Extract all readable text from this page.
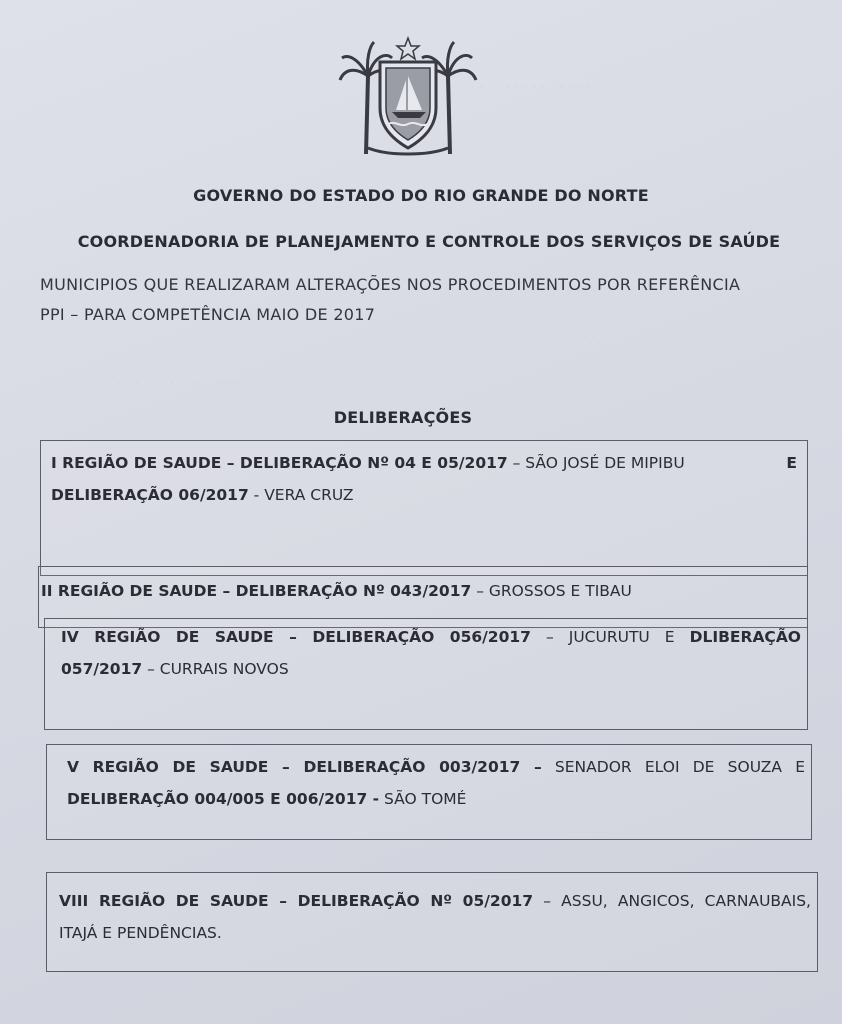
· · · · · · · · · · · · · · ·
· · · · · · · · · · · · · · · · · ·
· · · · · · · · · · · · · · · · · · · · · · · · · · · · · · ·
· · · · · · · · · · · · · · · · · · · · · · · · · · · · · · · · · · · ·
· · · · · · · · · · · · · · · · · · · · · · · · · · · · · · · ·
· · · · · · · · · · · · · · · · · · · · · · · · · · · · · · · ·
· · · · · · · · · · · · · · · · · · · · · · · · · · ·
GOVERNO DO ESTADO DO RIO GRANDE DO NORTE
COORDENADORIA DE PLANEJAMENTO E CONTROLE DOS SERVIÇOS DE SAÚDE
MUNICIPIOS QUE REALIZARAM ALTERAÇÕES NOS PROCEDIMENTOS POR REFERÊNCIA
PPI – PARA COMPETÊNCIA MAIO DE 2017
DELIBERAÇÕES

I REGIÃO DE SAUDE – DELIBERAÇÃO Nº 04 E 05/2017 – SÃO JOSÉ DE MIPIBU	E

DELIBERAÇÃO 06/2017 - VERA CRUZ

II REGIÃO DE SAUDE – DELIBERAÇÃO Nº 043/2017 – GROSSOS E TIBAU

IV REGIÃO DE SAUDE – DELIBERAÇÃO 056/2017 – JUCURUTU E DLIBERAÇÃO

057/2017 – CURRAIS NOVOS

V REGIÃO DE SAUDE – DELIBERAÇÃO 003/2017 – SENADOR ELOI DE SOUZA E

DELIBERAÇÃO 004/005 E 006/2017 - SÃO TOMÉ

VIII REGIÃO DE SAUDE – DELIBERAÇÃO Nº 05/2017 – ASSU, ANGICOS, CARNAUBAIS,

ITAJÁ E PENDÊNCIAS.
